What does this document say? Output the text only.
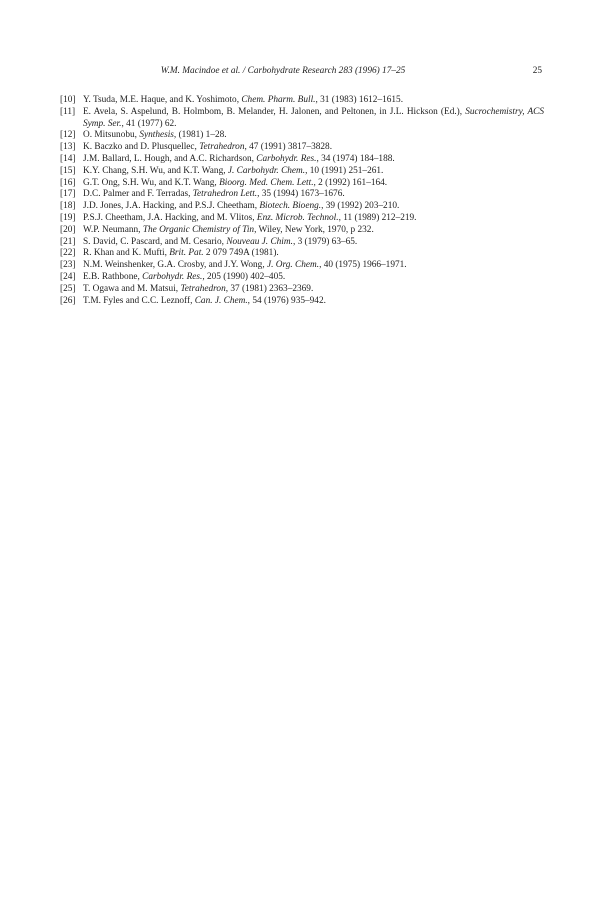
W.M. Macindoe et al. / Carbohydrate Research 283 (1996) 17–25	25
[10] Y. Tsuda, M.E. Haque, and K. Yoshimoto, Chem. Pharm. Bull., 31 (1983) 1612–1615.
[11] E. Avela, S. Aspelund, B. Holmbom, B. Melander, H. Jalonen, and Peltonen, in J.L. Hickson (Ed.), Sucrochemistry, ACS Symp. Ser., 41 (1977) 62.
[12] O. Mitsunobu, Synthesis, (1981) 1–28.
[13] K. Baczko and D. Plusquellec, Tetrahedron, 47 (1991) 3817–3828.
[14] J.M. Ballard, L. Hough, and A.C. Richardson, Carbohydr. Res., 34 (1974) 184–188.
[15] K.Y. Chang, S.H. Wu, and K.T. Wang, J. Carbohydr. Chem., 10 (1991) 251–261.
[16] G.T. Ong, S.H. Wu, and K.T. Wang, Bioorg. Med. Chem. Lett., 2 (1992) 161–164.
[17] D.C. Palmer and F. Terradas, Tetrahedron Lett., 35 (1994) 1673–1676.
[18] J.D. Jones, J.A. Hacking, and P.S.J. Cheetham, Biotech. Bioeng., 39 (1992) 203–210.
[19] P.S.J. Cheetham, J.A. Hacking, and M. Vlitos, Enz. Microb. Technol., 11 (1989) 212–219.
[20] W.P. Neumann, The Organic Chemistry of Tin, Wiley, New York, 1970, p 232.
[21] S. David, C. Pascard, and M. Cesario, Nouveau J. Chim., 3 (1979) 63–65.
[22] R. Khan and K. Mufti, Brit. Pat. 2 079 749A (1981).
[23] N.M. Weinshenker, G.A. Crosby, and J.Y. Wong, J. Org. Chem., 40 (1975) 1966–1971.
[24] E.B. Rathbone, Carbohydr. Res., 205 (1990) 402–405.
[25] T. Ogawa and M. Matsui, Tetrahedron, 37 (1981) 2363–2369.
[26] T.M. Fyles and C.C. Leznoff, Can. J. Chem., 54 (1976) 935–942.
